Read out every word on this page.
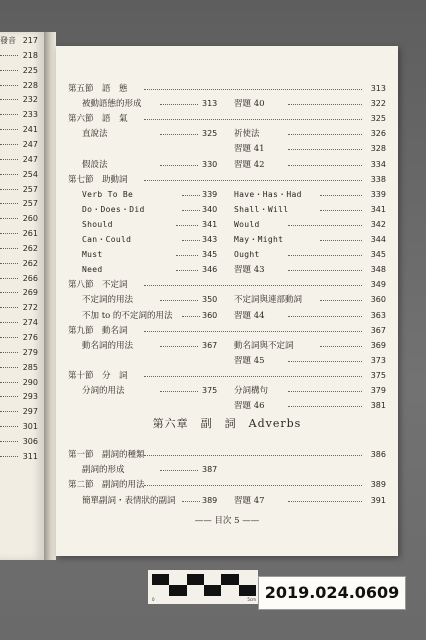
發音 217
218
225
228
232
233
241
247
247
254
257
257
260
261
262
262
266
269
272
274
276
279
285
290
293
297
301
306
311
第六章　副　詞　Adverbs
—— 目次 5 ——
第五節　語　態	313
被動語態的形成	313 習題 40	322
第六節　語　氣	325
直說法	325 祈使法	326
習題 41	328
假設法	330 習題 42	334
第七節　助動詞	338
Verb To Be	339 Have・Has・Had	339
Do・Does・Did	340 Shall・Will	341
Should	341 Would	342
Can・Could	343 May・Might	344
Must	345 Ought	345
Need	346 習題 43	348
第八節　不定詞	349
不定詞的用法	350 不定詞與連部動詞	360
不加 to 的不定詞的用法	360 習題 44	363
第九節　動名詞	367
動名詞的用法	367 動名詞與不定詞	369
習題 45	373
第十節　分　詞	375
分詞的用法	375 分詞構句	379
習題 46	381
第一節　副詞的種類	386
副詞的形成	387
第二節　副詞的用法	389
簡單副詞・表情狀的副詞	389 習題 47	391
0	5cm 2019.024.0609
